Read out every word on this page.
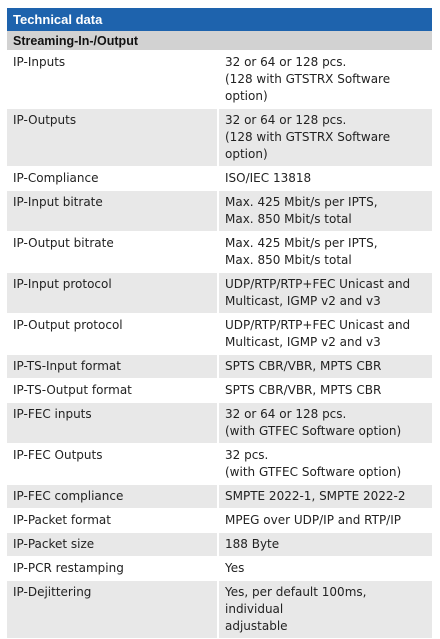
Technical data
Streaming-In-/Output
IP-Inputs	32 or 64 or 128 pcs.
(128 with GTSTRX Software
option)
IP-Outputs	32 or 64 or 128 pcs.
(128 with GTSTRX Software
option)
IP-Compliance	ISO/IEC 13818
IP-Input bitrate	Max. 425 Mbit/s per IPTS,
Max. 850 Mbit/s total
IP-Output bitrate	Max. 425 Mbit/s per IPTS,
Max. 850 Mbit/s total
IP-Input protocol	UDP/RTP/RTP+FEC Unicast and
Multicast, IGMP v2 and v3
IP-Output protocol	UDP/RTP/RTP+FEC Unicast and
Multicast, IGMP v2 and v3
IP-TS-Input format	SPTS CBR/VBR, MPTS CBR
IP-TS-Output format	SPTS CBR/VBR, MPTS CBR
IP-FEC inputs	32 or 64 or 128 pcs.
(with GTFEC Software option)
IP-FEC Outputs	32 pcs.
(with GTFEC Software option)
IP-FEC compliance	SMPTE 2022-1, SMPTE 2022-2
IP-Packet format	MPEG over UDP/IP and RTP/IP
IP-Packet size	188 Byte
IP-PCR restamping	Yes
IP-Dejittering	Yes, per default 100ms, individual
adjustable
